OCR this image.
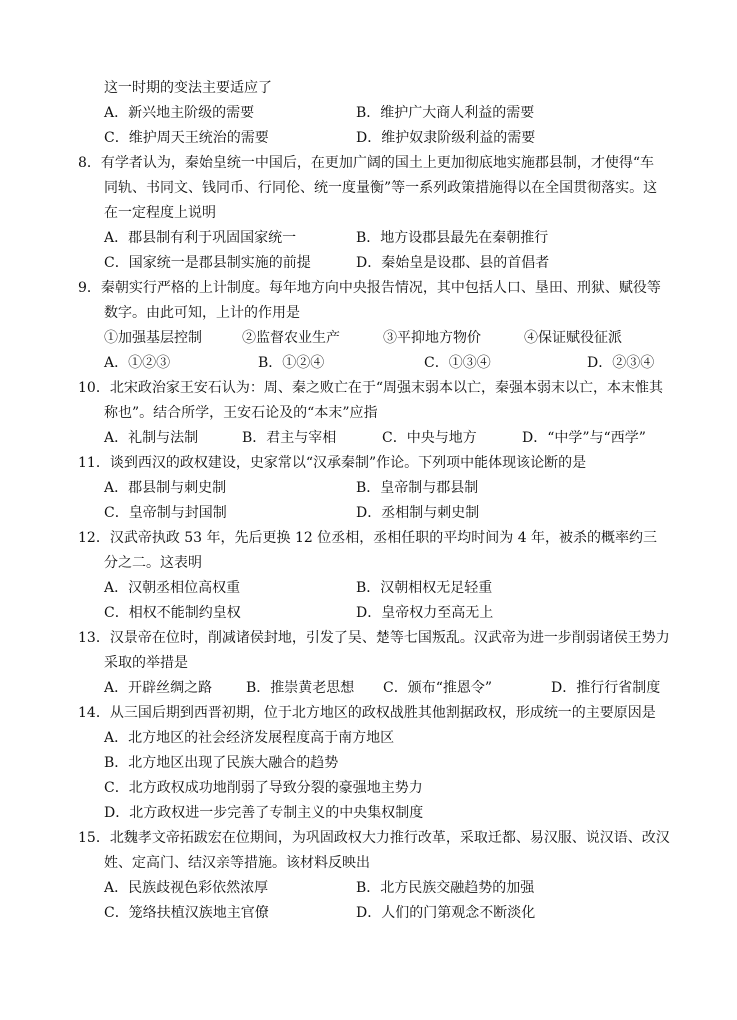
这一时期的变法主要适应了
A．新兴地主阶级的需要	B．维护广大商人利益的需要
C．维护周天王统治的需要	D．维护奴隶阶级利益的需要
8．有学者认为，秦始皇统一中国后，在更加广阔的国土上更加彻底地实施郡县制，才使得“车
同轨、书同文、钱同币、行同伦、统一度量衡”等一系列政策措施得以在全国贯彻落实。这
在一定程度上说明
A．郡县制有利于巩固国家统一	B．地方设郡县最先在秦朝推行
C．国家统一是郡县制实施的前提	D．秦始皇是设郡、县的首倡者
9．秦朝实行严格的上计制度。每年地方向中央报告情况，其中包括人口、垦田、刑狱、赋役等
数字。由此可知，上计的作用是
①加强基层控制	②监督农业生产	③平抑地方物价	④保证赋役征派
A．①②③	B．①②④	C．①③④	D．②③④
10．北宋政治家王安石认为：周、秦之败亡在于“周强末弱本以亡，秦强本弱末以亡，本末惟其
称也”。结合所学，王安石论及的“本末”应指
A．礼制与法制	B．君主与宰相	C．中央与地方	D．“中学”与“西学”
11．谈到西汉的政权建设，史家常以“汉承秦制”作论。下列项中能体现该论断的是
A．郡县制与刺史制	B．皇帝制与郡县制
C．皇帝制与封国制	D．丞相制与刺史制
12．汉武帝执政 53 年，先后更换 12 位丞相，丞相任职的平均时间为 4 年，被杀的概率约三
分之二。这表明
A．汉朝丞相位高权重	B．汉朝相权无足轻重
C．相权不能制约皇权	D．皇帝权力至高无上
13．汉景帝在位时，削减诸侯封地，引发了吴、楚等七国叛乱。汉武帝为进一步削弱诸侯王势力
采取的举措是
A．开辟丝绸之路 B．推崇黄老思想 C．颁布“推恩令”	D．推行行省制度
14．从三国后期到西晋初期，位于北方地区的政权战胜其他割据政权，形成统一的主要原因是
A．北方地区的社会经济发展程度高于南方地区
B．北方地区出现了民族大融合的趋势
C．北方政权成功地削弱了导致分裂的豪强地主势力
D．北方政权进一步完善了专制主义的中央集权制度
15．北魏孝文帝拓跋宏在位期间，为巩固政权大力推行改革，采取迁都、易汉服、说汉语、改汉
姓、定高门、结汉亲等措施。该材料反映出
A．民族歧视色彩依然浓厚	B．北方民族交融趋势的加强
C．笼络扶植汉族地主官僚	D．人们的门第观念不断淡化
